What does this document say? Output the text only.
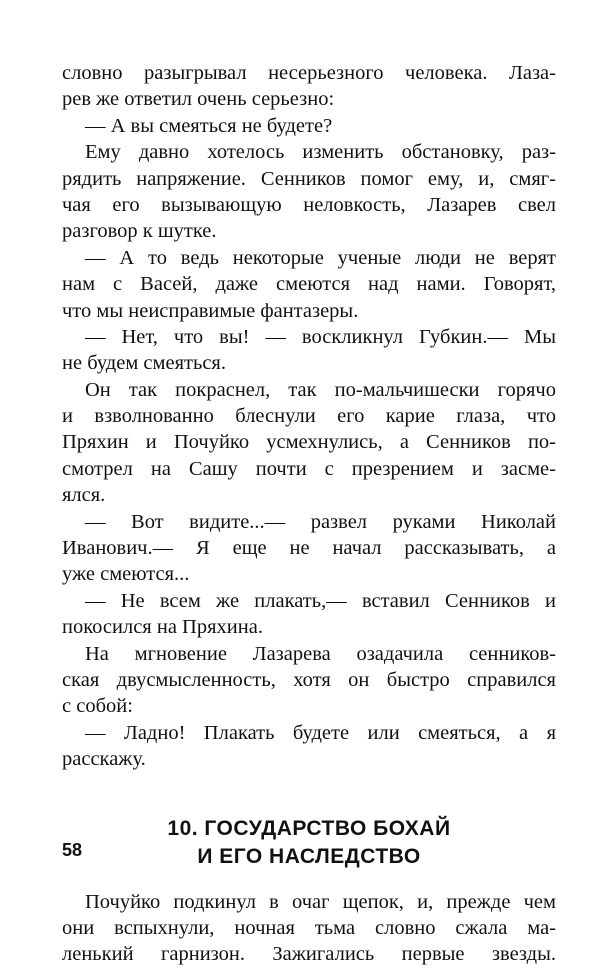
словно разыгрывал несерьезного человека. Лаза-
рев же ответил очень серьезно:
— А вы смеяться не будете?
Ему давно хотелось изменить обстановку, раз-
рядить напряжение. Сенников помог ему, и, смяг-
чая его вызывающую неловкость, Лазарев свел
разговор к шутке.
— А то ведь некоторые ученые люди не верят
нам с Васей, даже смеются над нами. Говорят,
что мы неисправимые фантазеры.
— Нет, что вы! — воскликнул Губкин.— Мы
не будем смеяться.
Он так покраснел, так по-мальчишески горячо
и взволнованно блеснули его карие глаза, что
Пряхин и Почуйко усмехнулись, а Сенников по-
смотрел на Сашу почти с презрением и засме-
ялся.
— Вот видите...— развел руками Николай
Иванович.— Я еще не начал рассказывать, а
уже смеются...
— Не всем же плакать,— вставил Сенников и
покосился на Пряхина.
На мгновение Лазарева озадачила сенников-
ская двусмысленность, хотя он быстро справился
с собой:
— Ладно! Плакать будете или смеяться, а я
расскажу.
10. ГОСУДАРСТВО БОХАЙ
И ЕГО НАСЛЕДСТВО
Почуйко подкинул в очаг щепок, и, прежде чем
они вспыхнули, ночная тьма словно сжала ма-
ленький гарнизон. Зажигались первые звезды.
58
